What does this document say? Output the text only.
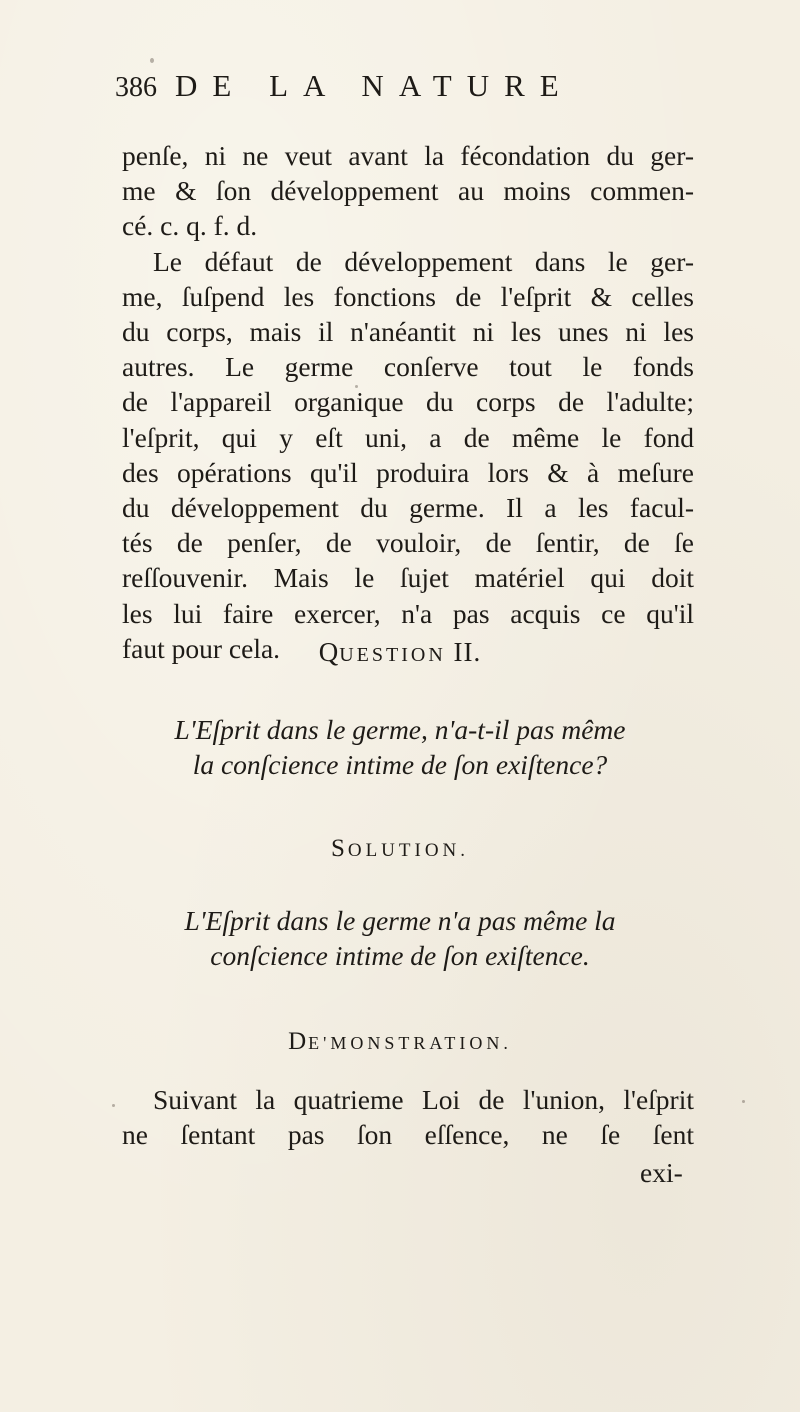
386 DE LA NATURE
penſe, ni ne veut avant la fécondation du ger-
me & ſon développement au moins commen-
cé. c. q. f. d.
Le défaut de développement dans le ger-
me, ſuſpend les fonctions de l'eſprit & celles
du corps, mais il n'anéantit ni les unes ni les
autres. Le germe conſerve tout le fonds
de l'appareil organique du corps de l'adulte;
l'eſprit, qui y eſt uni, a de même le fond
des opérations qu'il produira lors & à meſure
du développement du germe. Il a les facul-
tés de penſer, de vouloir, de ſentir, de ſe
reſſouvenir. Mais le ſujet matériel qui doit
les lui faire exercer, n'a pas acquis ce qu'il
faut pour cela.	QUESTION II.
L'Eſprit dans le germe, n'a-t-il pas même
la conſcience intime de ſon exiſtence?
SOLUTION.
L'Eſprit dans le germe n'a pas même la
conſcience intime de ſon exiſtence.
DE'MONSTRATION.
Suivant la quatrieme Loi de l'union, l'eſprit
ne ſentant pas ſon eſſence, ne ſe ſent
exi-
